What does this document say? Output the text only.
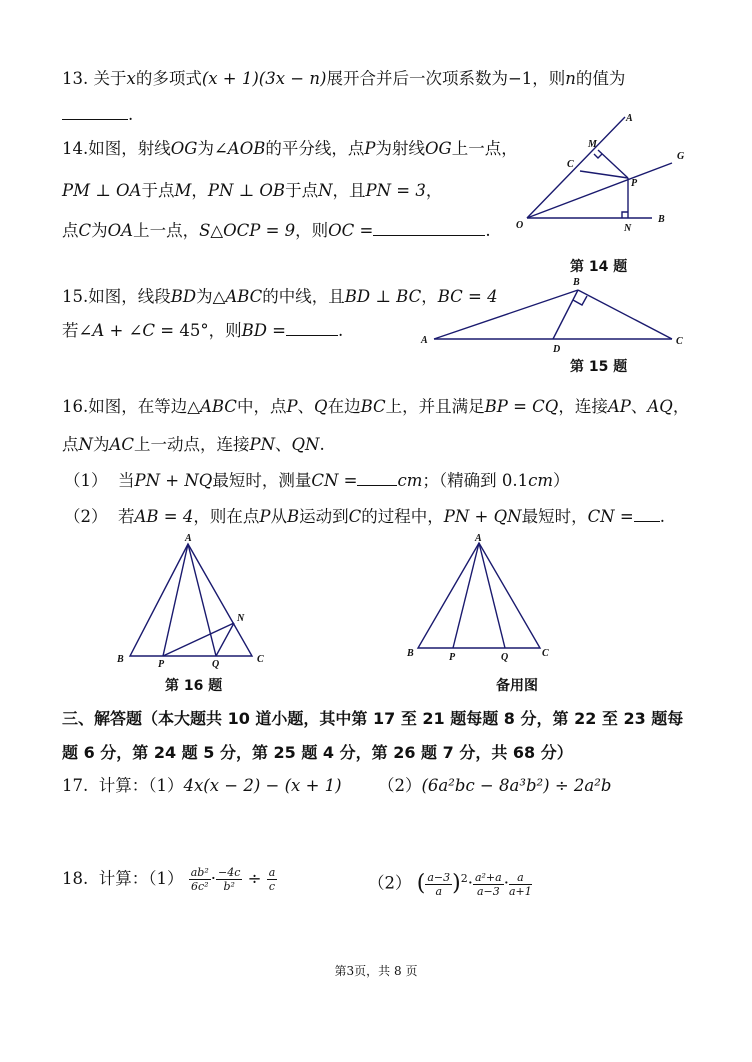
13. 关于x的多项式(x + 1)(3x − n)展开合并后一次项系数为−1，则n的值为
.
14.如图，射线OG为∠AOB的平分线，点P为射线OG上一点，
PM ⊥ OA于点M，PN ⊥ OB于点N，且PN = 3，
点C为OA上一点，S△OCP = 9，则OC =	.
A
M
C
G
P
O	N
B
第 14 题
15.如图，线段BD为△ABC的中线，且BD ⊥ BC，BC = 4
若∠A + ∠C = 45°，则BD =	.
A
B
C
D
第 15 题
16.如图，在等边△ABC中，点P、Q在边BC上，并且满足BP = CQ，连接AP、AQ，
点N为AC上一动点，连接PN、QN.
（1） 当PN + NQ最短时，测量CN = cm；（精确到 0.1cm）
（2） 若AB = 4，则在点P从B运动到C的过程中，PN + QN最短时，CN = .
A
B	P	Q	C
N
A
B	P	Q	C
第 16 题	备用图
三、解答题（本大题共 10 道小题，其中第 17 至 21 题每题 8 分，第 22 至 23 题每
题 6 分，第 24 题 5 分，第 25 题 4 分，第 26 题 7 分，共 68 分）
17. 计算：（1）4x(x − 2) − (x + 1) （2）(6a²bc − 8a³b²) ÷ 2a²b
18. 计算：$(1) \frac{\text{ab²}}{\text{6c²}} \cdot \frac{-4c}{\text{b²}} \div \frac{a}{c}$	（2） ( $\frac{a-3}{a} )^2\cdot \frac{\text{a²+a}}{a-3} \cdot \frac{a}{a+1}$
第3页，共 8 页
